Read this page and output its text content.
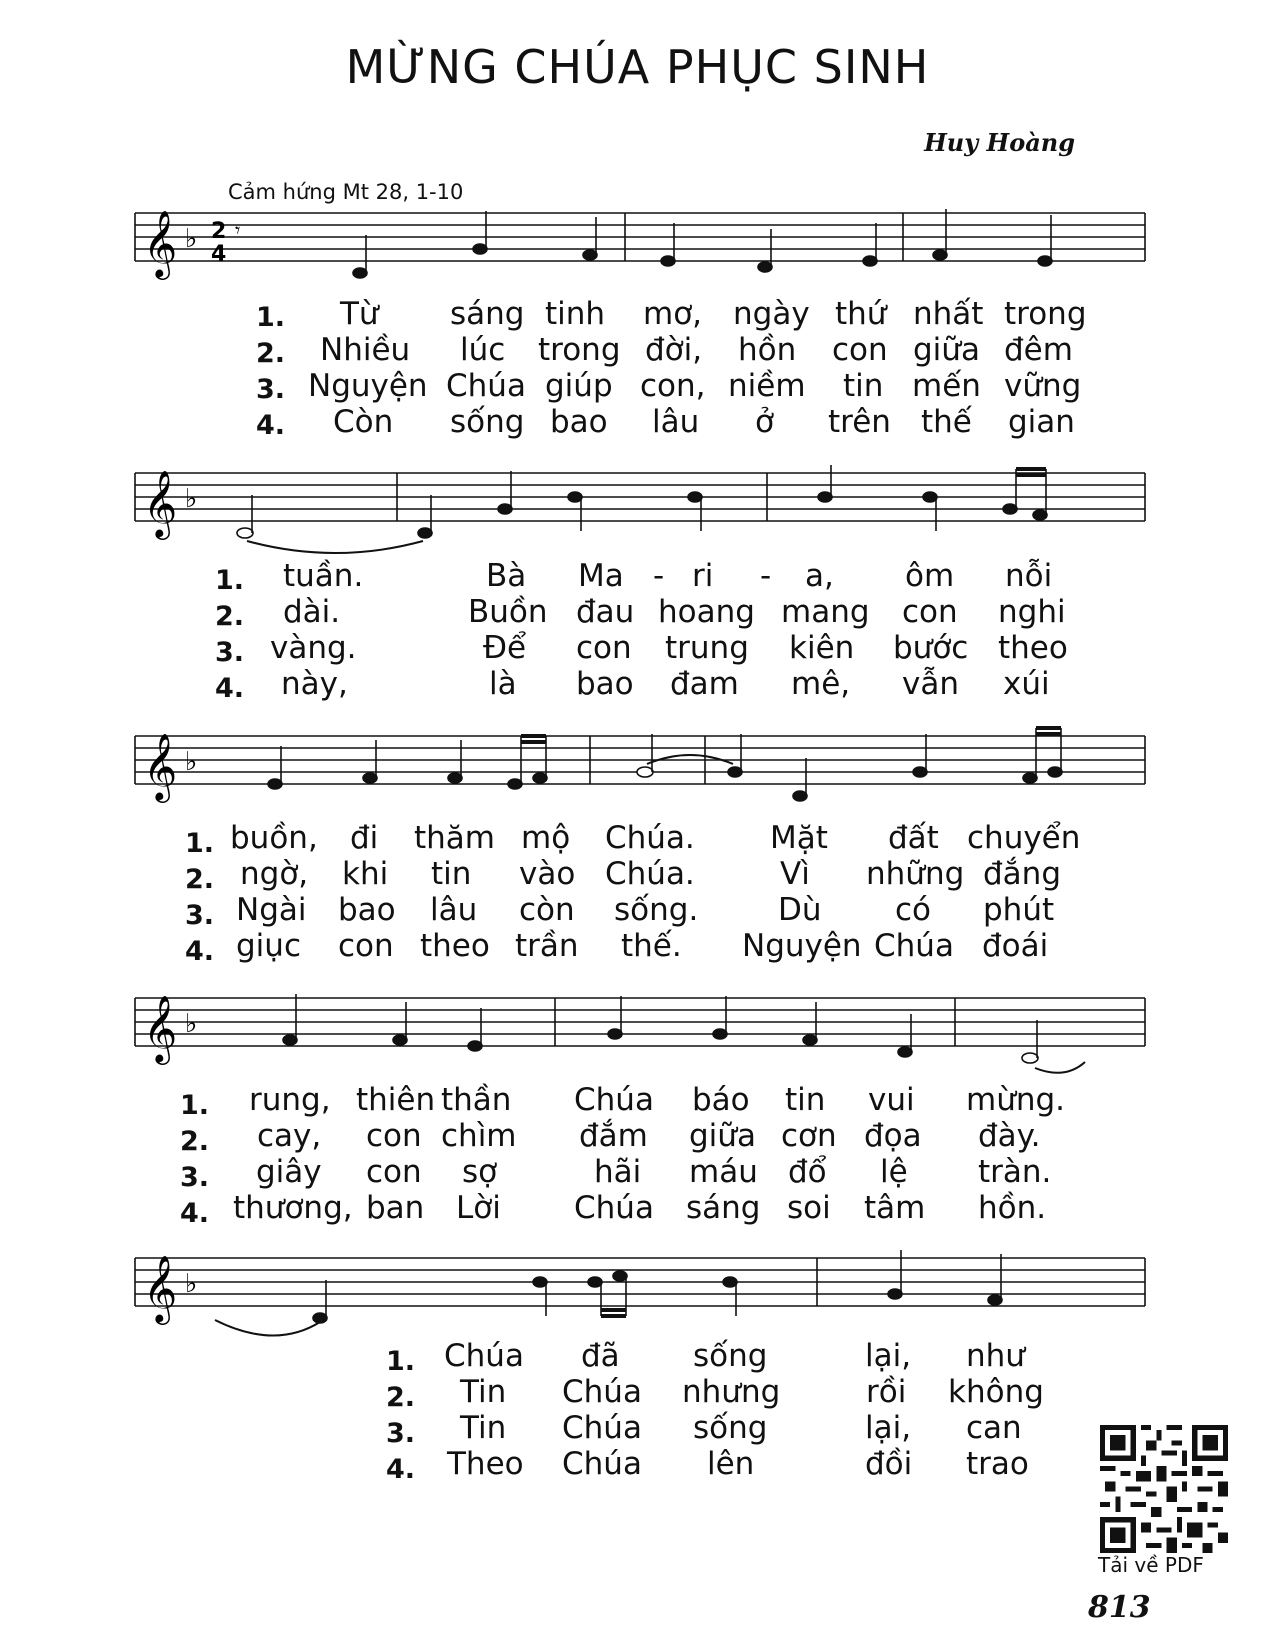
MỪNG CHÚA PHỤC SINH
Huy Hoàng
Cảm hứng Mt 28, 1-10
𝄞 ♭ 2
4
𝄾
𝄞 ♭
𝄞 ♭
𝄞 ♭
𝄞 ♭
1. Từ sáng tinh mơ, ngày thứ nhất trong
2. Nhiều lúc trong đời, hồn con giữa đêm
3. Nguyện Chúa giúp con, niềm tin mến vững
4. Còn sống bao lâu ở trên thế gian
1. tuần.	Bà Ma - ri - a, ôm nỗi
2. dài.	Buồn đau hoang mang con nghi
3. vàng.	Để con trung kiên bước theo
4. này,	là bao đam mê, vẫn xúi
1. buồn, đi thăm mộ Chúa. Mặt đất chuyển
2. ngờ, khi tin vào Chúa.	Vì những đắng
3. Ngài bao lâu còn sống.	Dù có phút
4. giục con theo trần thế. Nguyện Chúa đoái
1. rung, thiên thần Chúa báo tin vui mừng.
2. cay, con chìm đắm giữa cơn đọa đày.
3. giây con sợ	hãi máu đổ lệ tràn.
4. thương, ban Lời Chúa sáng soi tâm hồn.
1. Chúa đã sống	lại, như
2. Tin Chúa nhưng	rồi không
3. Tin Chúa sống	lại, can
4. Theo Chúa lên	đồi trao
Tải về PDF
813
